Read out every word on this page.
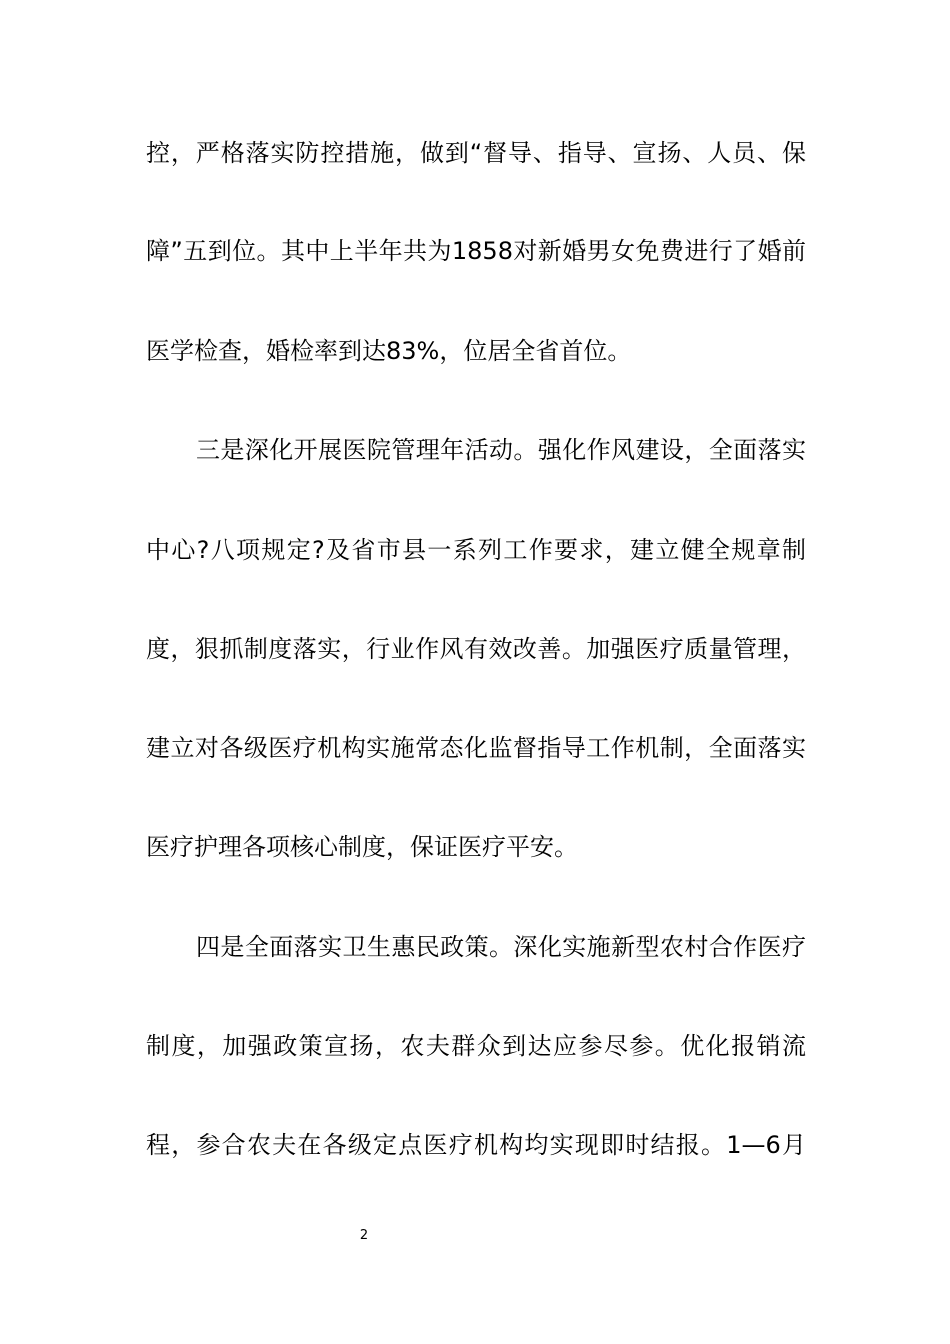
控，严格落实防控措施，做到“督导、指导、宣扬、人员、保
障”五到位。其中上半年共为1858对新婚男女免费进行了婚前
医学检查，婚检率到达83%，位居全省首位。
三是深化开展医院管理年活动。强化作风建设，全面落实
中心?八项规定?及省市县一系列工作要求，建立健全规章制
度，狠抓制度落实，行业作风有效改善。加强医疗质量管理，
建立对各级医疗机构实施常态化监督指导工作机制，全面落实
医疗护理各项核心制度，保证医疗平安。
四是全面落实卫生惠民政策。深化实施新型农村合作医疗
制度，加强政策宣扬，农夫群众到达应参尽参。优化报销流
程，参合农夫在各级定点医疗机构均实现即时结报。1—6月
2
